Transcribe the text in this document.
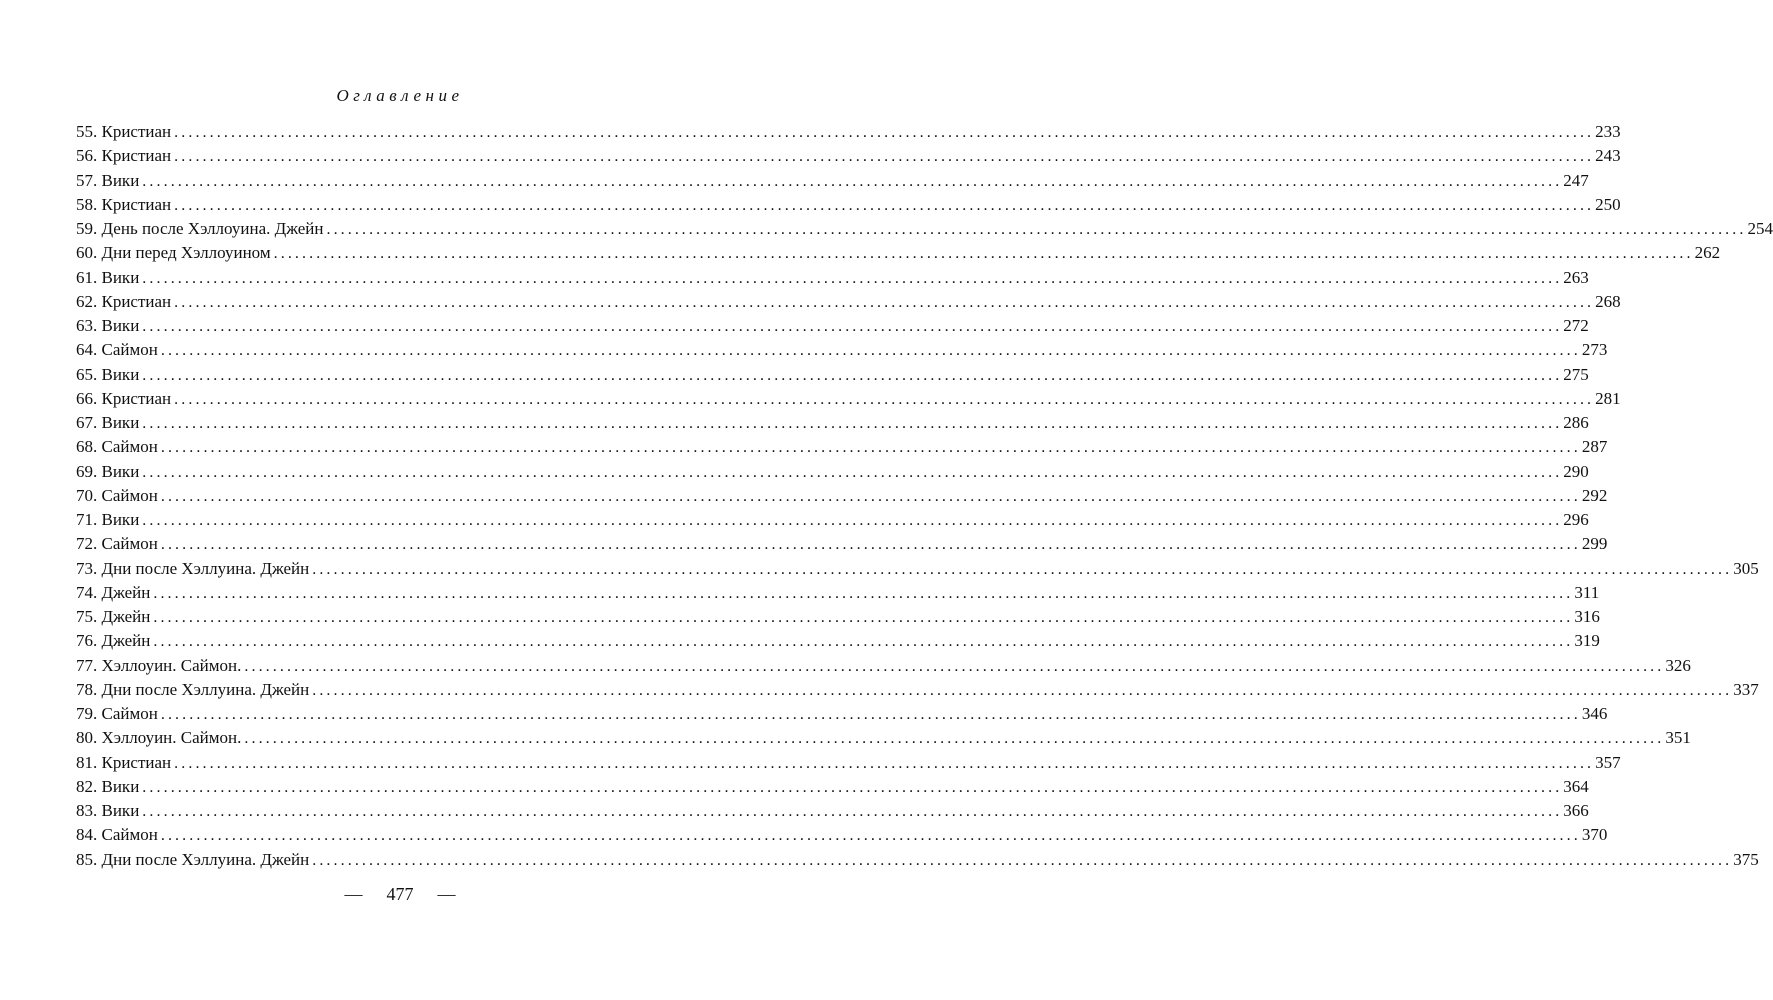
Оглавление
55. Кристиан ........................................................................................................................................................................................................ 233
56. Кристиан ........................................................................................................................................................................................................ 243
57. Вики ........................................................................................................................................................................................................ 247
58. Кристиан ........................................................................................................................................................................................................ 250
59. День после Хэллоуина. Джейн ........................................................................................................................................................................................................ 254
60. Дни перед Хэллоуином ........................................................................................................................................................................................................ 262
61. Вики ........................................................................................................................................................................................................ 263
62. Кристиан ........................................................................................................................................................................................................ 268
63. Вики ........................................................................................................................................................................................................ 272
64. Саймон ........................................................................................................................................................................................................ 273
65. Вики ........................................................................................................................................................................................................ 275
66. Кристиан ........................................................................................................................................................................................................ 281
67. Вики ........................................................................................................................................................................................................ 286
68. Саймон ........................................................................................................................................................................................................ 287
69. Вики ........................................................................................................................................................................................................ 290
70. Саймон ........................................................................................................................................................................................................ 292
71. Вики ........................................................................................................................................................................................................ 296
72. Саймон ........................................................................................................................................................................................................ 299
73. Дни после Хэллуина. Джейн ........................................................................................................................................................................................................ 305
74. Джейн ........................................................................................................................................................................................................ 311
75. Джейн ........................................................................................................................................................................................................ 316
76. Джейн ........................................................................................................................................................................................................ 319
77. Хэллоуин. Саймон. ........................................................................................................................................................................................................ 326
78. Дни после Хэллуина. Джейн ........................................................................................................................................................................................................ 337
79. Саймон ........................................................................................................................................................................................................ 346
80. Хэллоуин. Саймон. ........................................................................................................................................................................................................ 351
81. Кристиан ........................................................................................................................................................................................................ 357
82. Вики ........................................................................................................................................................................................................ 364
83. Вики ........................................................................................................................................................................................................ 366
84. Саймон ........................................................................................................................................................................................................ 370
85. Дни после Хэллуина. Джейн ........................................................................................................................................................................................................ 375
— 477 —
